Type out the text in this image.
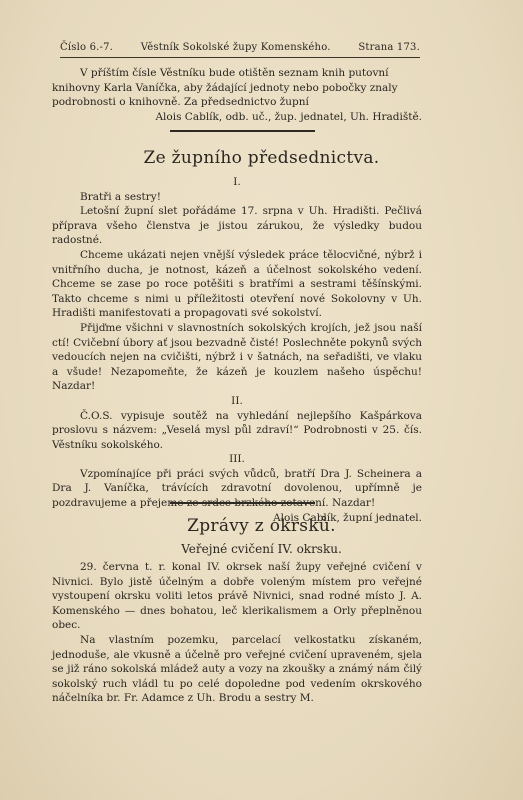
Číslo 6.-7.	Věstník Sokolské župy Komenského.	Strana 173.

V příštím čísle Věstníku bude otištěn seznam knih putovní

knihovny Karla Vaníčka, aby žádající jednoty nebo pobočky znaly

podrobnosti o knihovně. Za předsednictvo župní

Alois Cablík, odb. uč., žup. jednatel, Uh. Hradiště.

Ze župního předsednictva.

I.

Bratři a sestry!

Letošní župní slet pořádáme 17. srpna v Uh. Hradišti. Pečlivá příprava všeho členstva je jistou zárukou, že výsledky budou radostné.

Chceme ukázati nejen vnější výsledek práce tělocvičné, nýbrž i vnitřního ducha, je notnost, kázeň a účelnost sokolského vedení. Chceme se zase po roce potěšiti s bratřími a sestrami těšínskými. Takto chceme s nimi u příležitosti otevření nové Sokolovny v Uh. Hradišti manifestovati a propagovati své sokolství.

Přijďme všichni v slavnostních sokolských krojích, jež jsou naší ctí! Cvičební úbory ať jsou bezvadně čisté! Poslechněte pokynů svých vedoucích nejen na cvičišti, nýbrž i v šatnách, na seřadišti, ve vlaku a všude! Nezapomeňte, že kázeň je kouzlem našeho úspěchu! Nazdar!

II.

Č.O.S. vypisuje soutěž na vyhledání nejlepšího Kašpárkova proslovu s názvem: „Veselá mysl půl zdraví!“ Podrobnosti v 25. čís. Věstníku sokolského.

III.

Vzpomínajíce při práci svých vůdců, bratří Dra J. Scheinera a Dra J. Vaníčka, trávících zdravotní dovolenou, upřímně je pozdravujeme a přejeme ze srdce brzkého zotavení. Nazdar!

Alois Cablík, župní jednatel.

Zprávy z okrsků.
Veřejné cvičení IV. okrsku.

29. června t. r. konal IV. okrsek naší župy veřejné cvičení v Nivnici. Bylo jistě účelným a dobře voleným místem pro veřejné vystoupení okrsku voliti letos právě Nivnici, snad rodné místo J. A. Komenského — dnes bohatou, leč klerikalismem a Orly přeplněnou obec.

Na vlastním pozemku, parcelací velkostatku získaném, jednoduše, ale vkusně a účelně pro veřejné cvičení upraveném, sjela se již ráno sokolská mládež auty a vozy na zkoušky a známý nám čilý sokolský ruch vládl tu po celé dopoledne pod vedením okrskového náčelníka br. Fr. Adamce z Uh. Brodu a sestry M.
